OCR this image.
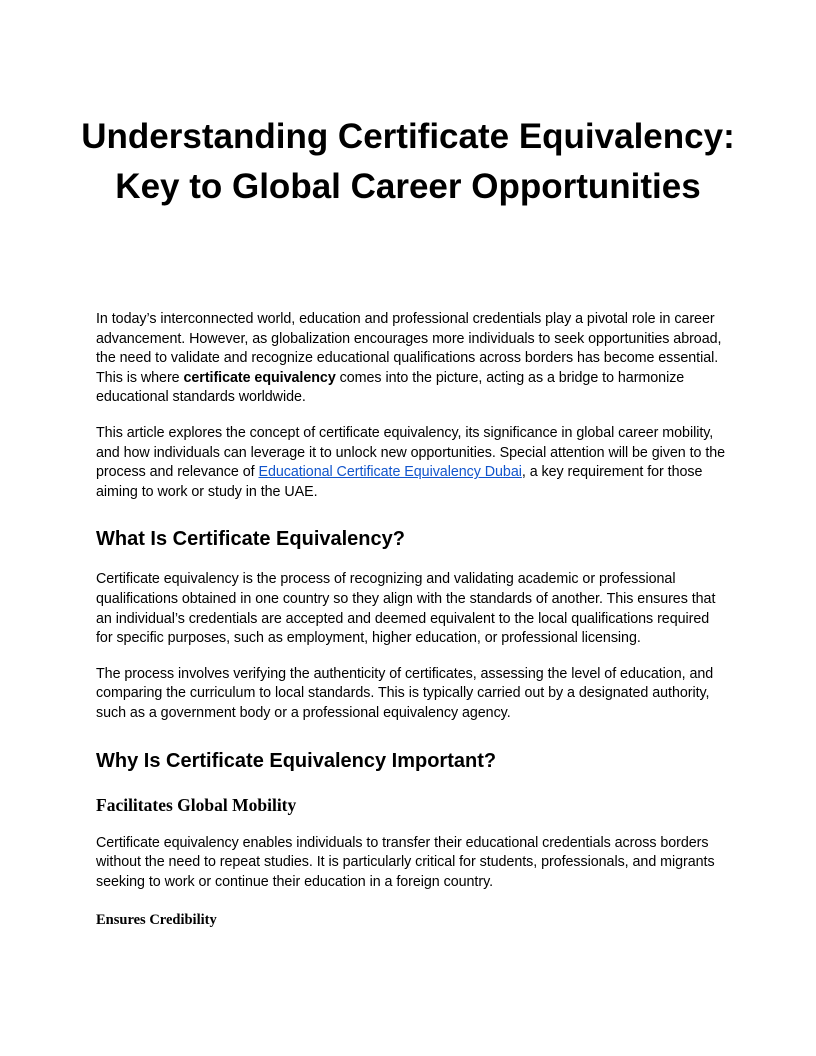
Understanding Certificate Equivalency: Key to Global Career Opportunities

In today’s interconnected world, education and professional credentials play a pivotal role in career advancement. However, as globalization encourages more individuals to seek opportunities abroad, the need to validate and recognize educational qualifications across borders has become essential. This is where certificate equivalency comes into the picture, acting as a bridge to harmonize educational standards worldwide.

This article explores the concept of certificate equivalency, its significance in global career mobility, and how individuals can leverage it to unlock new opportunities. Special attention will be given to the process and relevance of Educational Certificate Equivalency Dubai, a key requirement for those aiming to work or study in the UAE.

What Is Certificate Equivalency?

Certificate equivalency is the process of recognizing and validating academic or professional qualifications obtained in one country so they align with the standards of another. This ensures that an individual’s credentials are accepted and deemed equivalent to the local qualifications required for specific purposes, such as employment, higher education, or professional licensing.

The process involves verifying the authenticity of certificates, assessing the level of education, and comparing the curriculum to local standards. This is typically carried out by a designated authority, such as a government body or a professional equivalency agency.

Why Is Certificate Equivalency Important?
Facilitates Global Mobility

Certificate equivalency enables individuals to transfer their educational credentials across borders without the need to repeat studies. It is particularly critical for students, professionals, and migrants seeking to work or continue their education in a foreign country.

Ensures Credibility
